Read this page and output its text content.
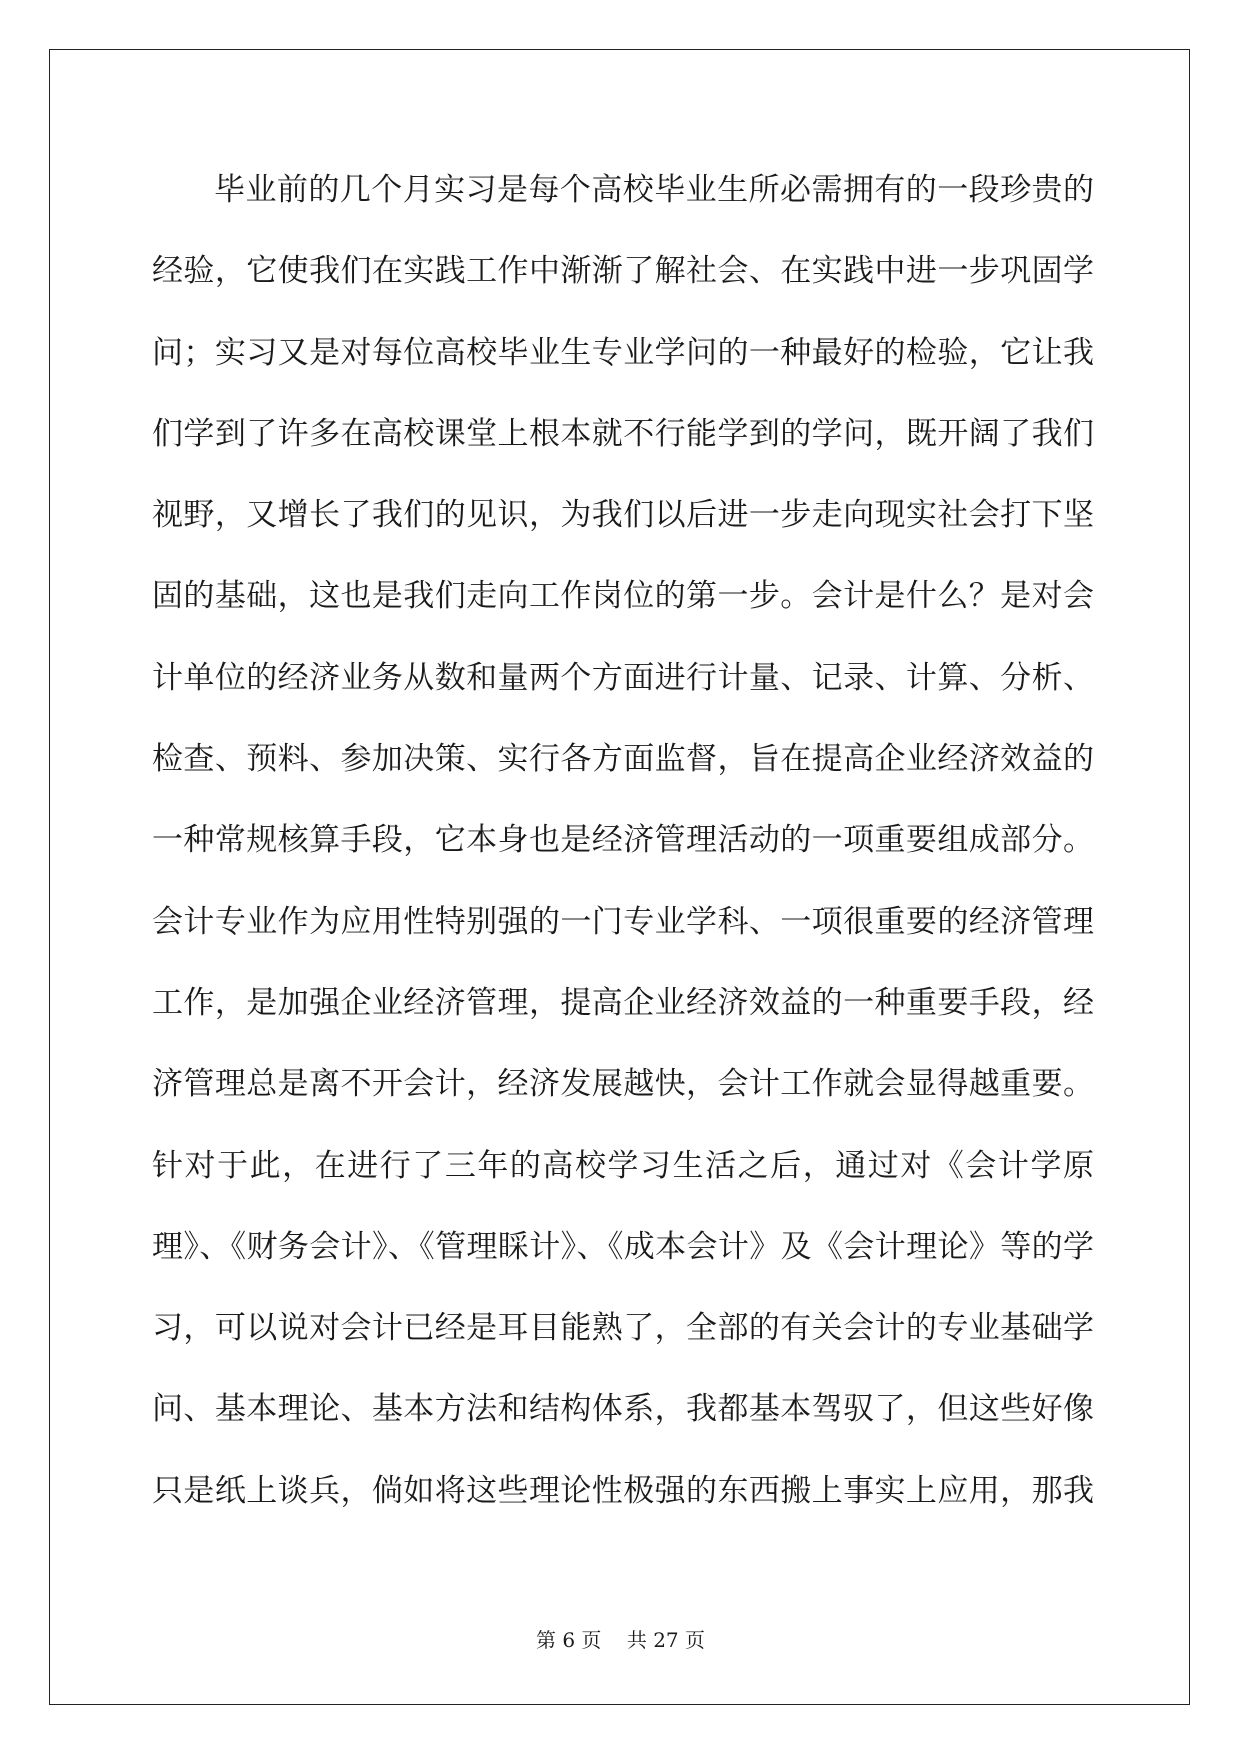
毕业前的几个月实习是每个高校毕业生所必需拥有的一段珍贵的
经验，它使我们在实践工作中渐渐了解社会、在实践中进一步巩固学
问；实习又是对每位高校毕业生专业学问的一种最好的检验，它让我
们学到了许多在高校课堂上根本就不行能学到的学问，既开阔了我们
视野，又增长了我们的见识，为我们以后进一步走向现实社会打下坚
固的基础，这也是我们走向工作岗位的第一步。会计是什么？是对会
计单位的经济业务从数和量两个方面进行计量、记录、计算、分析、
检查、预料、参加决策、实行各方面监督，旨在提高企业经济效益的
一种常规核算手段，它本身也是经济管理活动的一项重要组成部分。
会计专业作为应用性特别强的一门专业学科、一项很重要的经济管理
工作，是加强企业经济管理，提高企业经济效益的一种重要手段，经
济管理总是离不开会计，经济发展越快，会计工作就会显得越重要。
针对于此，在进行了三年的高校学习生活之后，通过对《会计学原
理》、《财务会计》、《管理睬计》、《成本会计》及《会计理论》等的学
习，可以说对会计已经是耳目能熟了，全部的有关会计的专业基础学
问、基本理论、基本方法和结构体系，我都基本驾驭了，但这些好像
只是纸上谈兵，倘如将这些理论性极强的东西搬上事实上应用，那我
第 6 页    共 27 页
